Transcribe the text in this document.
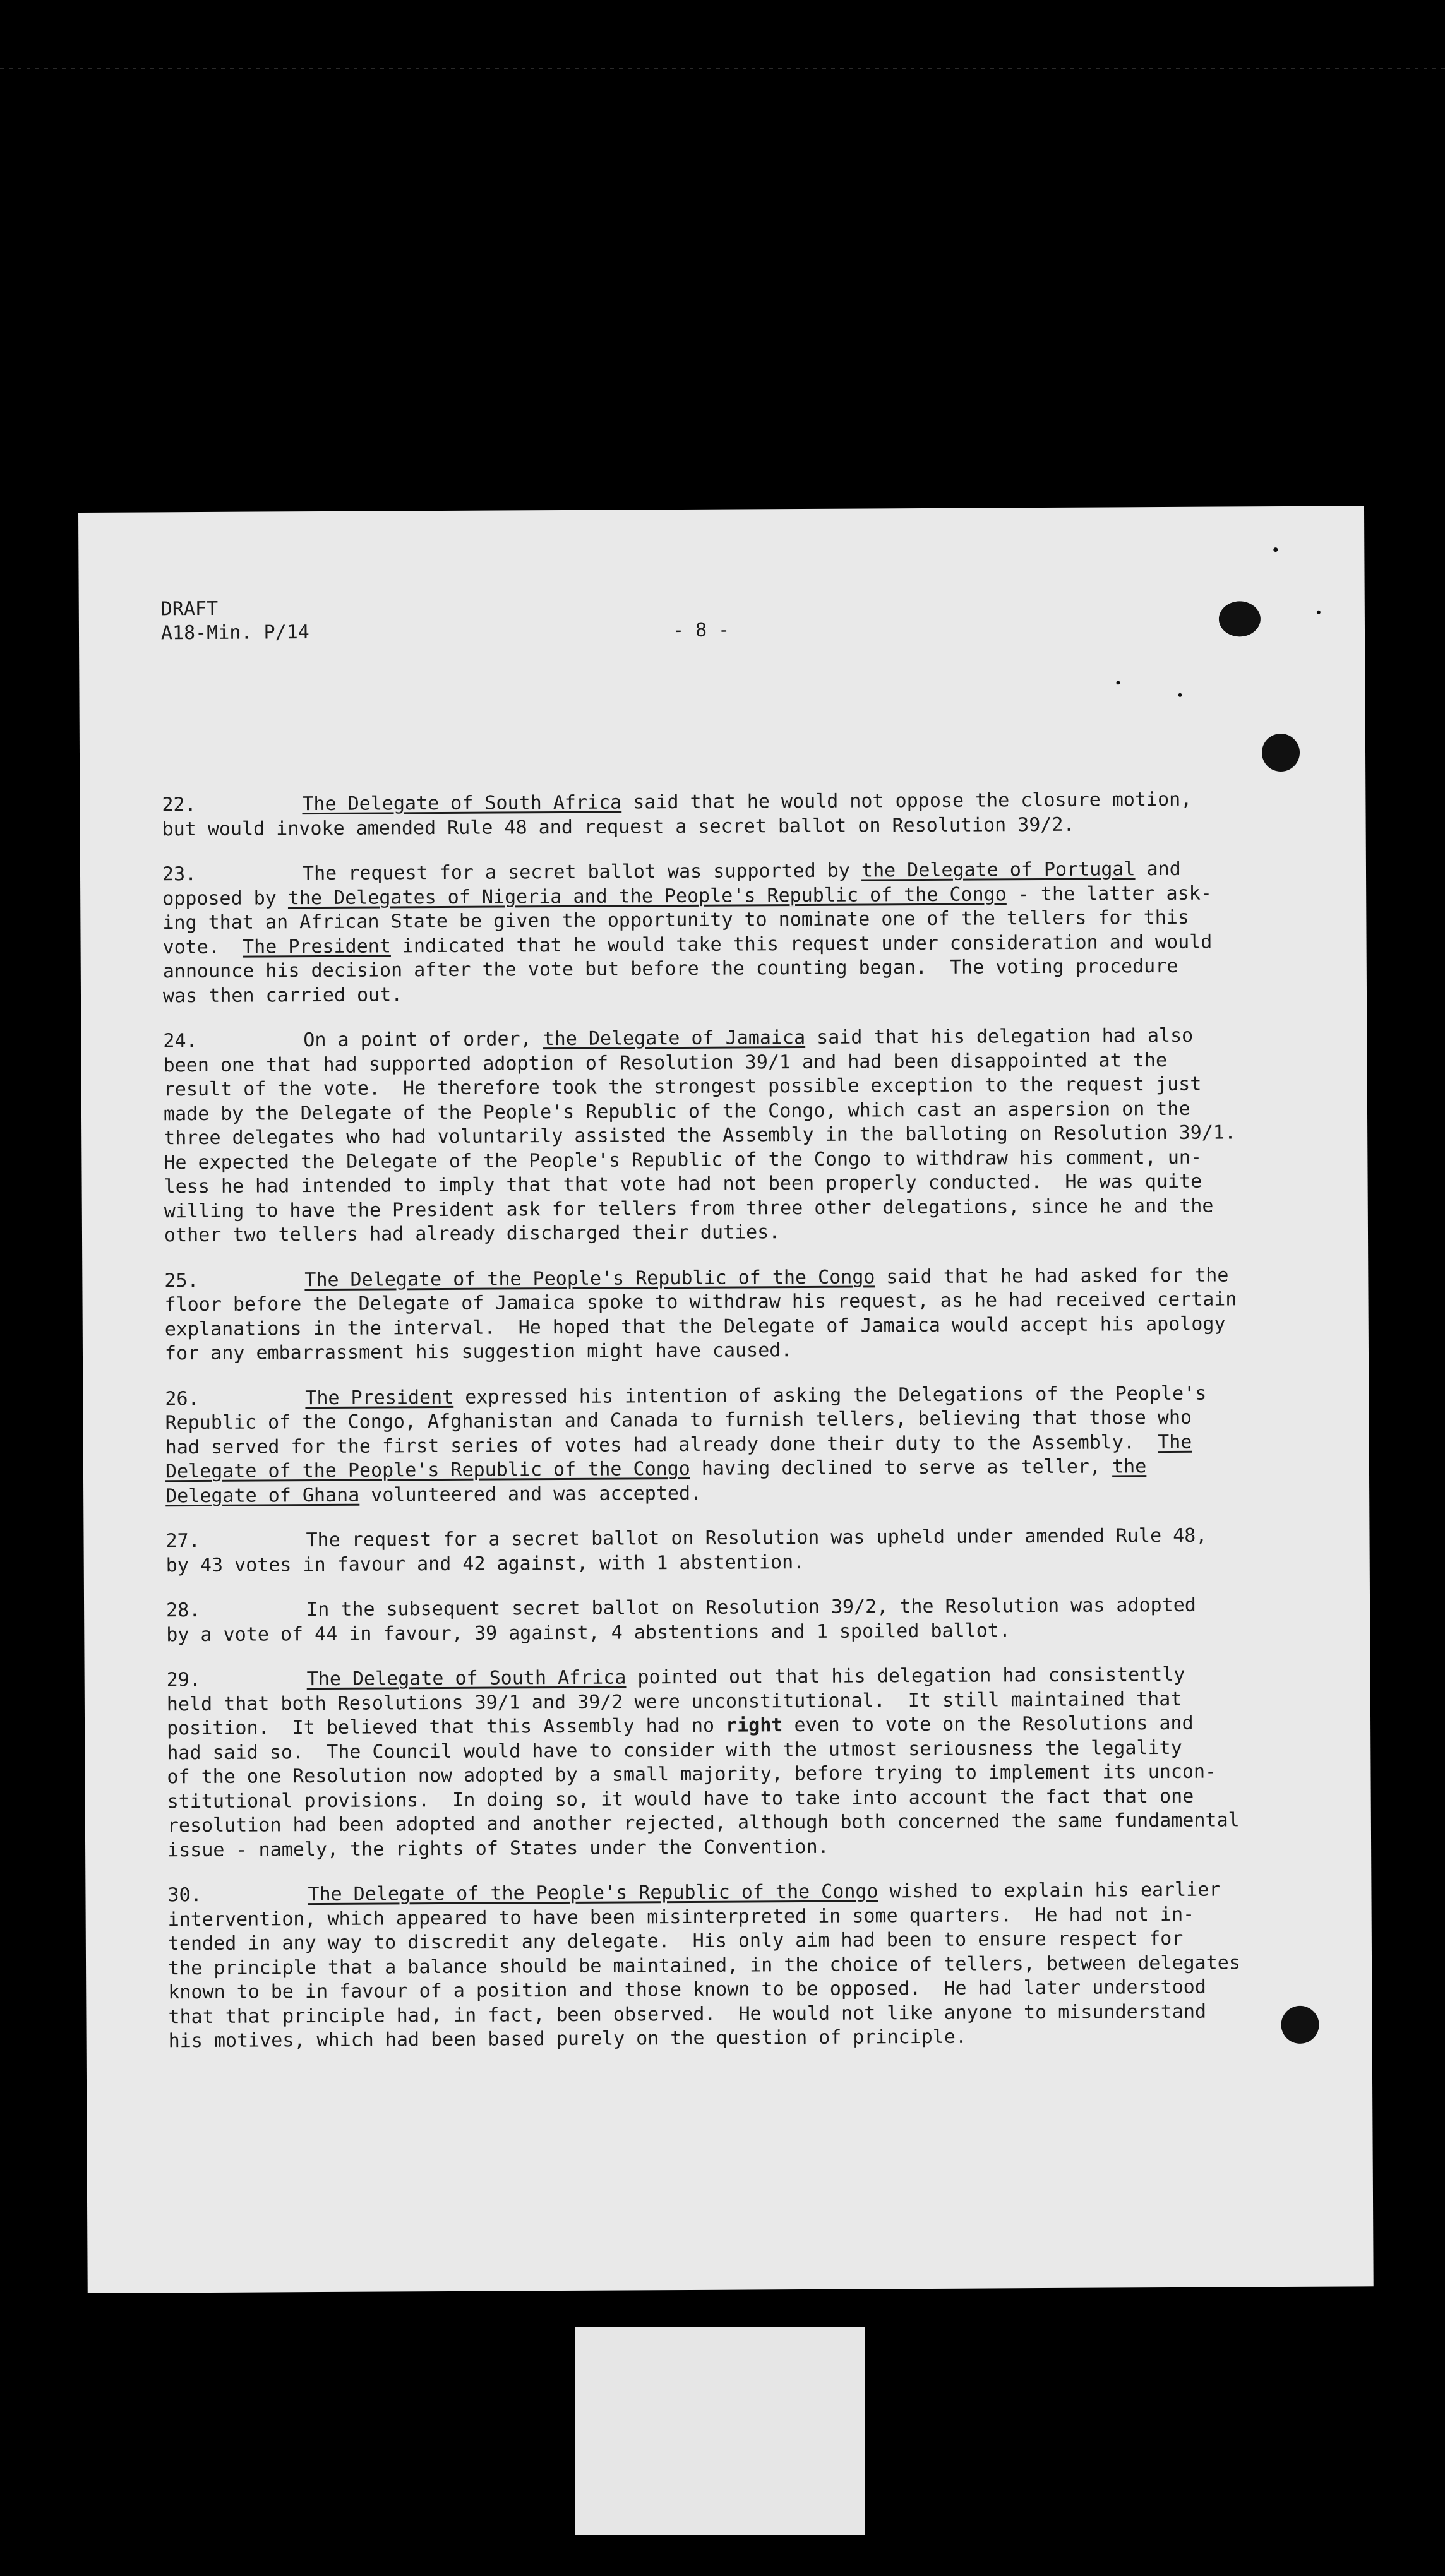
DRAFT
A18-Min. P/14	- 8 -
22.	The Delegate of South Africa said that he would not oppose the closure motion,
but would invoke amended Rule 48 and request a secret ballot on Resolution 39/2.
23.	The request for a secret ballot was supported by the Delegate of Portugal and
opposed by the Delegates of Nigeria and the People's Republic of the Congo - the latter ask-
ing that an African State be given the opportunity to nominate one of the tellers for this
vote.  The President indicated that he would take this request under consideration and would
announce his decision after the vote but before the counting began.  The voting procedure
was then carried out.
24.	On a point of order, the Delegate of Jamaica said that his delegation had also
been one that had supported adoption of Resolution 39/1 and had been disappointed at the
result of the vote.  He therefore took the strongest possible exception to the request just
made by the Delegate of the People's Republic of the Congo, which cast an aspersion on the
three delegates who had voluntarily assisted the Assembly in the balloting on Resolution 39/1.
He expected the Delegate of the People's Republic of the Congo to withdraw his comment, un-
less he had intended to imply that that vote had not been properly conducted.  He was quite
willing to have the President ask for tellers from three other delegations, since he and the
other two tellers had already discharged their duties.
25.	The Delegate of the People's Republic of the Congo said that he had asked for the
floor before the Delegate of Jamaica spoke to withdraw his request, as he had received certain
explanations in the interval.  He hoped that the Delegate of Jamaica would accept his apology
for any embarrassment his suggestion might have caused.
26.	The President expressed his intention of asking the Delegations of the People's
Republic of the Congo, Afghanistan and Canada to furnish tellers, believing that those who
had served for the first series of votes had already done their duty to the Assembly.  The
Delegate of the People's Republic of the Congo having declined to serve as teller, the
Delegate of Ghana volunteered and was accepted.
27.	The request for a secret ballot on Resolution was upheld under amended Rule 48,
by 43 votes in favour and 42 against, with 1 abstention.
28.	In the subsequent secret ballot on Resolution 39/2, the Resolution was adopted
by a vote of 44 in favour, 39 against, 4 abstentions and 1 spoiled ballot.
29.	The Delegate of South Africa pointed out that his delegation had consistently
held that both Resolutions 39/1 and 39/2 were unconstitutional.  It still maintained that
position.  It believed that this Assembly had no right even to vote on the Resolutions and
had said so.  The Council would have to consider with the utmost seriousness the legality
of the one Resolution now adopted by a small majority, before trying to implement its uncon-
stitutional provisions.  In doing so, it would have to take into account the fact that one
resolution had been adopted and another rejected, although both concerned the same fundamental
issue - namely, the rights of States under the Convention.
30.	The Delegate of the People's Republic of the Congo wished to explain his earlier
intervention, which appeared to have been misinterpreted in some quarters.  He had not in-
tended in any way to discredit any delegate.  His only aim had been to ensure respect for
the principle that a balance should be maintained, in the choice of tellers, between delegates
known to be in favour of a position and those known to be opposed.  He had later understood
that that principle had, in fact, been observed.  He would not like anyone to misunderstand
his motives, which had been based purely on the question of principle.
